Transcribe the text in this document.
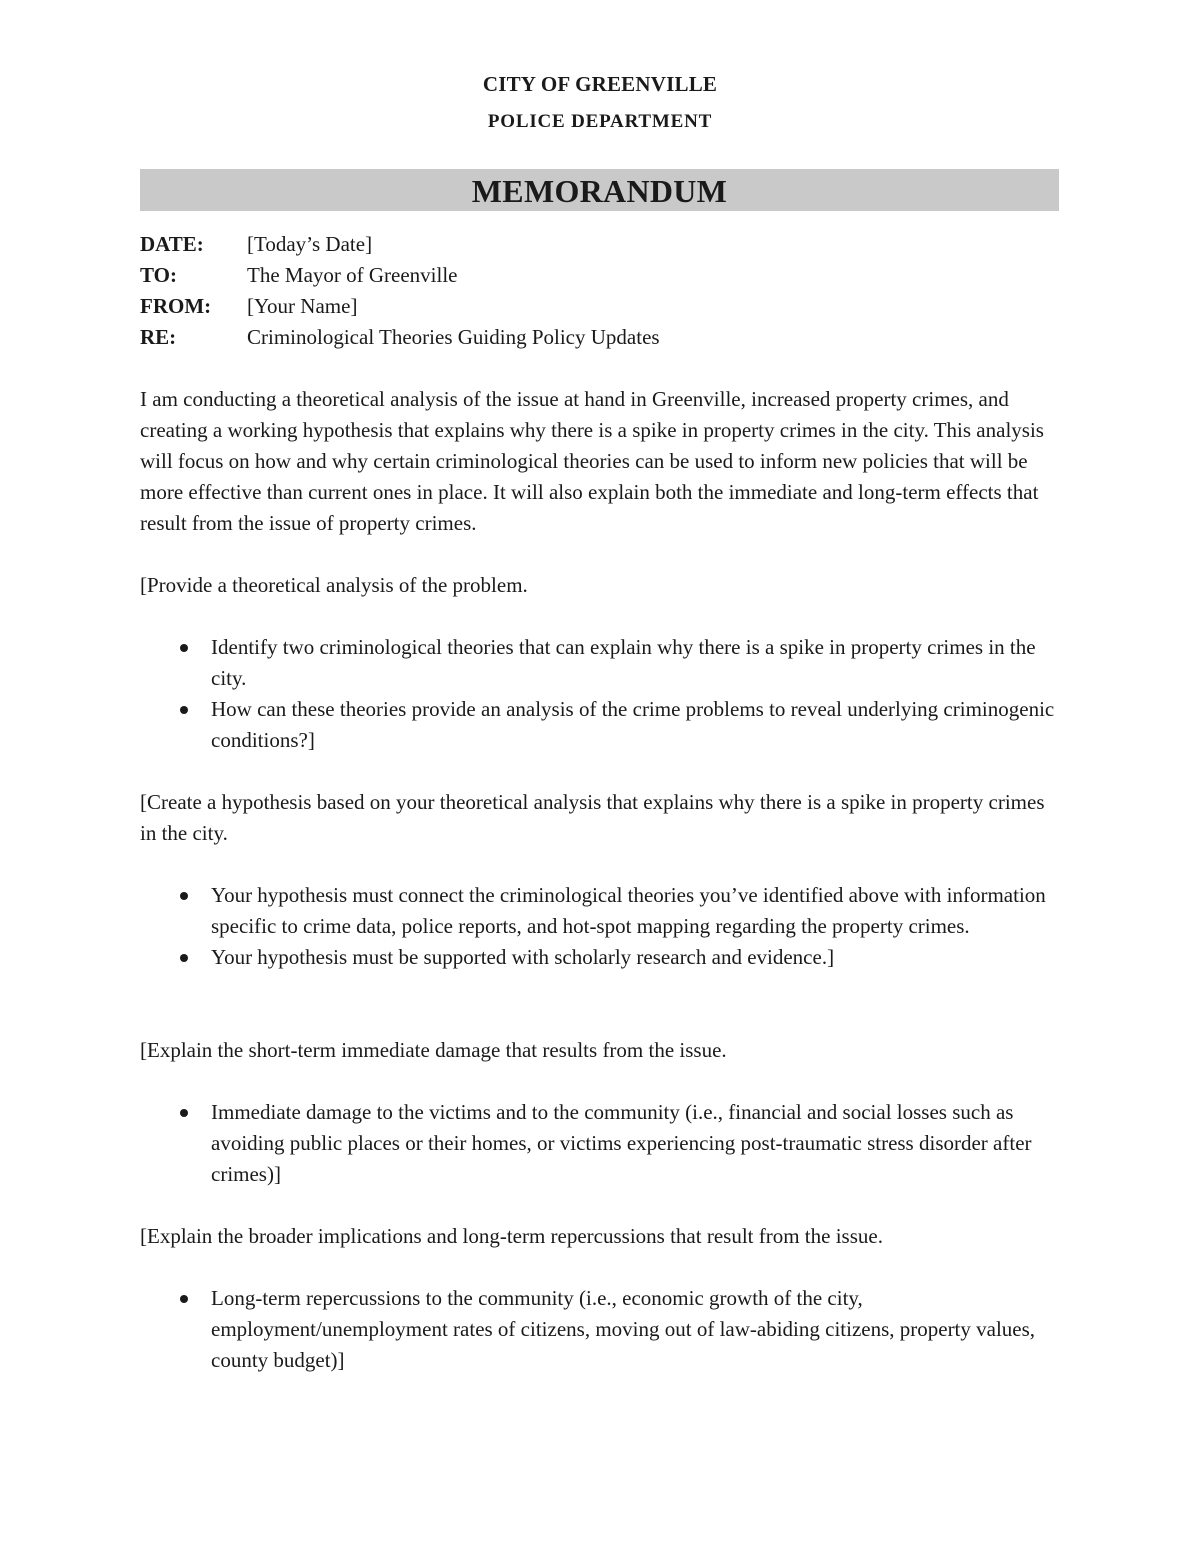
CITY OF GREENVILLE
POLICE DEPARTMENT
MEMORANDUM
DATE:	[Today’s Date]
TO:	The Mayor of Greenville
FROM:	[Your Name]
RE:	Criminological Theories Guiding Policy Updates

I am conducting a theoretical analysis of the issue at hand in Greenville, increased property crimes, and creating a working hypothesis that explains why there is a spike in property crimes in the city. This analysis will focus on how and why certain criminological theories can be used to inform new policies that will be more effective than current ones in place. It will also explain both the immediate and long-term effects that result from the issue of property crimes.

[Provide a theoretical analysis of the problem.

Identify two criminological theories that can explain why there is a spike in property crimes in the city.
How can these theories provide an analysis of the crime problems to reveal underlying criminogenic conditions?]

[Create a hypothesis based on your theoretical analysis that explains why there is a spike in property crimes in the city.

Your hypothesis must connect the criminological theories you’ve identified above with information specific to crime data, police reports, and hot-spot mapping regarding the property crimes.
Your hypothesis must be supported with scholarly research and evidence.]

[Explain the short-term immediate damage that results from the issue.

Immediate damage to the victims and to the community (i.e., financial and social losses such as avoiding public places or their homes, or victims experiencing post-traumatic stress disorder after crimes)]

[Explain the broader implications and long-term repercussions that result from the issue.

Long-term repercussions to the community (i.e., economic growth of the city, employment/unemployment rates of citizens, moving out of law-abiding citizens, property values, county budget)]
